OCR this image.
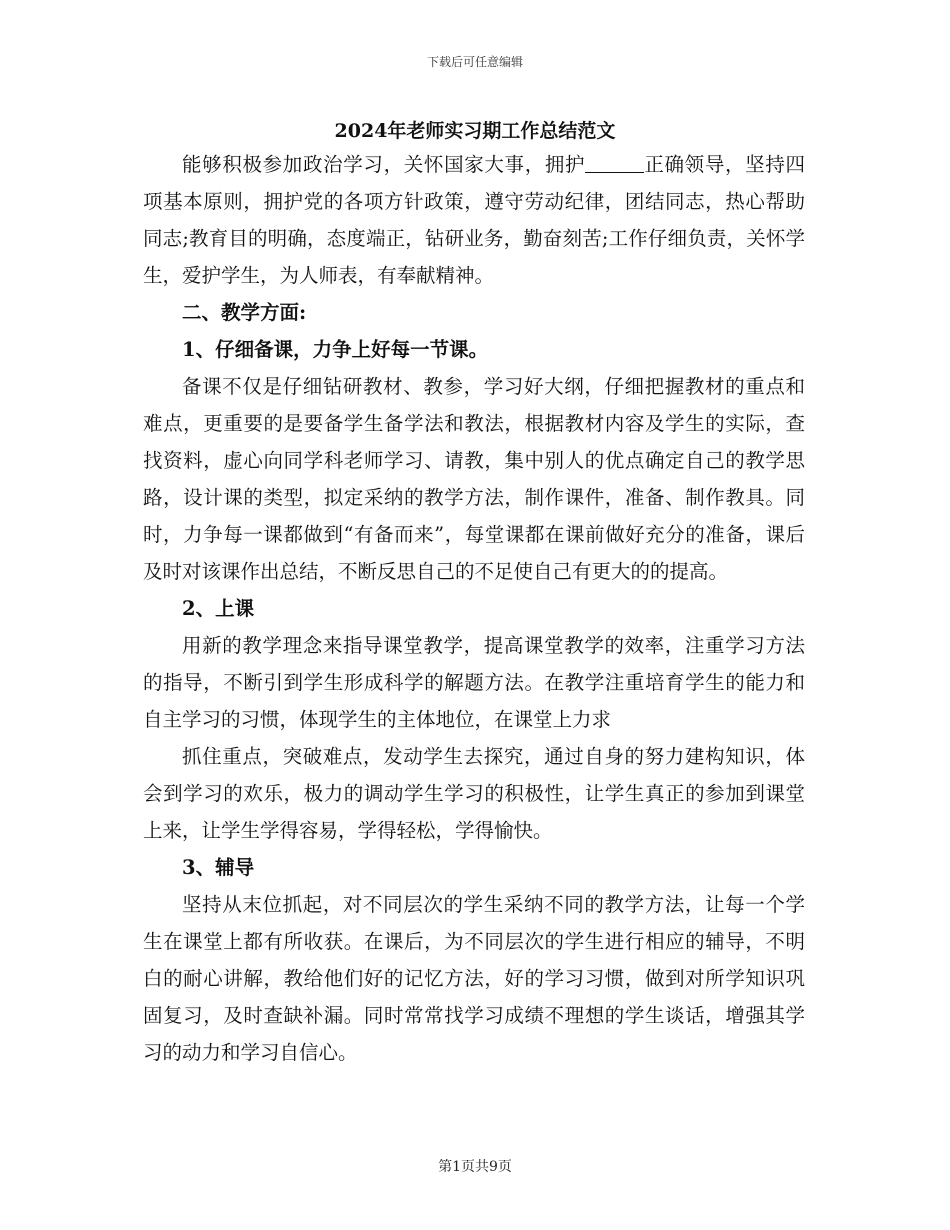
下载后可任意编辑
2024年老师实习期工作总结范文

能够积极参加政治学习，关怀国家大事，拥护	正确领导，坚持四项基本原则，拥护党的各项方针政策，遵守劳动纪律，团结同志，热心帮助同志;教育目的明确，态度端正，钻研业务，勤奋刻苦;工作仔细负责，关怀学生，爱护学生，为人师表，有奉献精神。

二、教学方面:
1、仔细备课，力争上好每一节课。

备课不仅是仔细钻研教材、教参，学习好大纲，仔细把握教材的重点和难点，更重要的是要备学生备学法和教法，根据教材内容及学生的实际，查找资料，虚心向同学科老师学习、请教，集中别人的优点确定自己的教学思路，设计课的类型，拟定采纳的教学方法，制作课件，准备、制作教具。同时，力争每一课都做到“有备而来”，每堂课都在课前做好充分的准备，课后及时对该课作出总结，不断反思自己的不足使自己有更大的的提高。

2、上课

用新的教学理念来指导课堂教学，提高课堂教学的效率，注重学习方法的指导，不断引到学生形成科学的解题方法。在教学注重培育学生的能力和自主学习的习惯，体现学生的主体地位，在课堂上力求

抓住重点，突破难点，发动学生去探究，通过自身的努力建构知识，体会到学习的欢乐，极力的调动学生学习的积极性，让学生真正的参加到课堂上来，让学生学得容易，学得轻松，学得愉快。

3、辅导

坚持从末位抓起，对不同层次的学生采纳不同的教学方法，让每一个学生在课堂上都有所收获。在课后，为不同层次的学生进行相应的辅导，不明白的耐心讲解，教给他们好的记忆方法，好的学习习惯，做到对所学知识巩固复习，及时查缺补漏。同时常常找学习成绩不理想的学生谈话，增强其学习的动力和学习自信心。

第1页共9页
